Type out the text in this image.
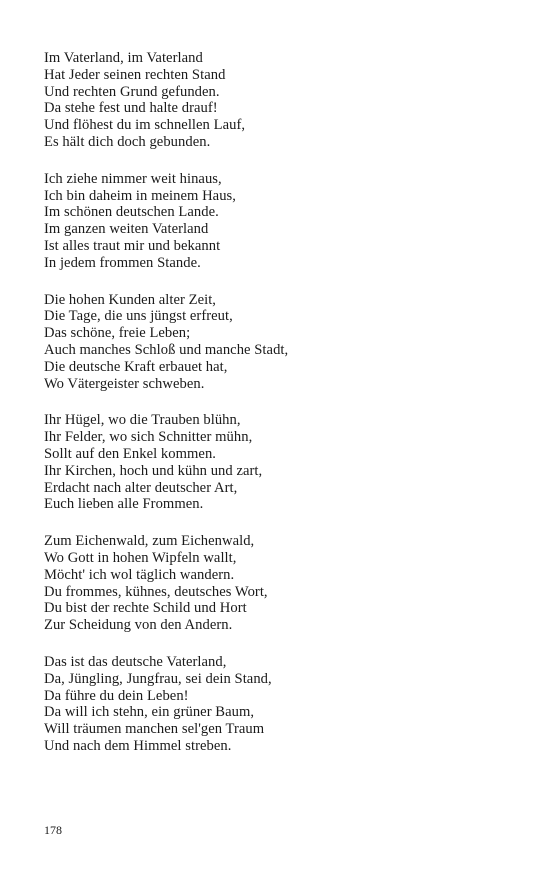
Im Vaterland, im Vaterland
Hat Jeder seinen rechten Stand
Und rechten Grund gefunden.
Da stehe fest und halte drauf!
Und flöhest du im schnellen Lauf,
Es hält dich doch gebunden.
Ich ziehe nimmer weit hinaus,
Ich bin daheim in meinem Haus,
Im schönen deutschen Lande.
Im ganzen weiten Vaterland
Ist alles traut mir und bekannt
In jedem frommen Stande.
Die hohen Kunden alter Zeit,
Die Tage, die uns jüngst erfreut,
Das schöne, freie Leben;
Auch manches Schloß und manche Stadt,
Die deutsche Kraft erbauet hat,
Wo Vätergeister schweben.
Ihr Hügel, wo die Trauben blühn,
Ihr Felder, wo sich Schnitter mühn,
Sollt auf den Enkel kommen.
Ihr Kirchen, hoch und kühn und zart,
Erdacht nach alter deutscher Art,
Euch lieben alle Frommen.
Zum Eichenwald, zum Eichenwald,
Wo Gott in hohen Wipfeln wallt,
Möcht' ich wol täglich wandern.
Du frommes, kühnes, deutsches Wort,
Du bist der rechte Schild und Hort
Zur Scheidung von den Andern.
Das ist das deutsche Vaterland,
Da, Jüngling, Jungfrau, sei dein Stand,
Da führe du dein Leben!
Da will ich stehn, ein grüner Baum,
Will träumen manchen sel'gen Traum
Und nach dem Himmel streben.
178
